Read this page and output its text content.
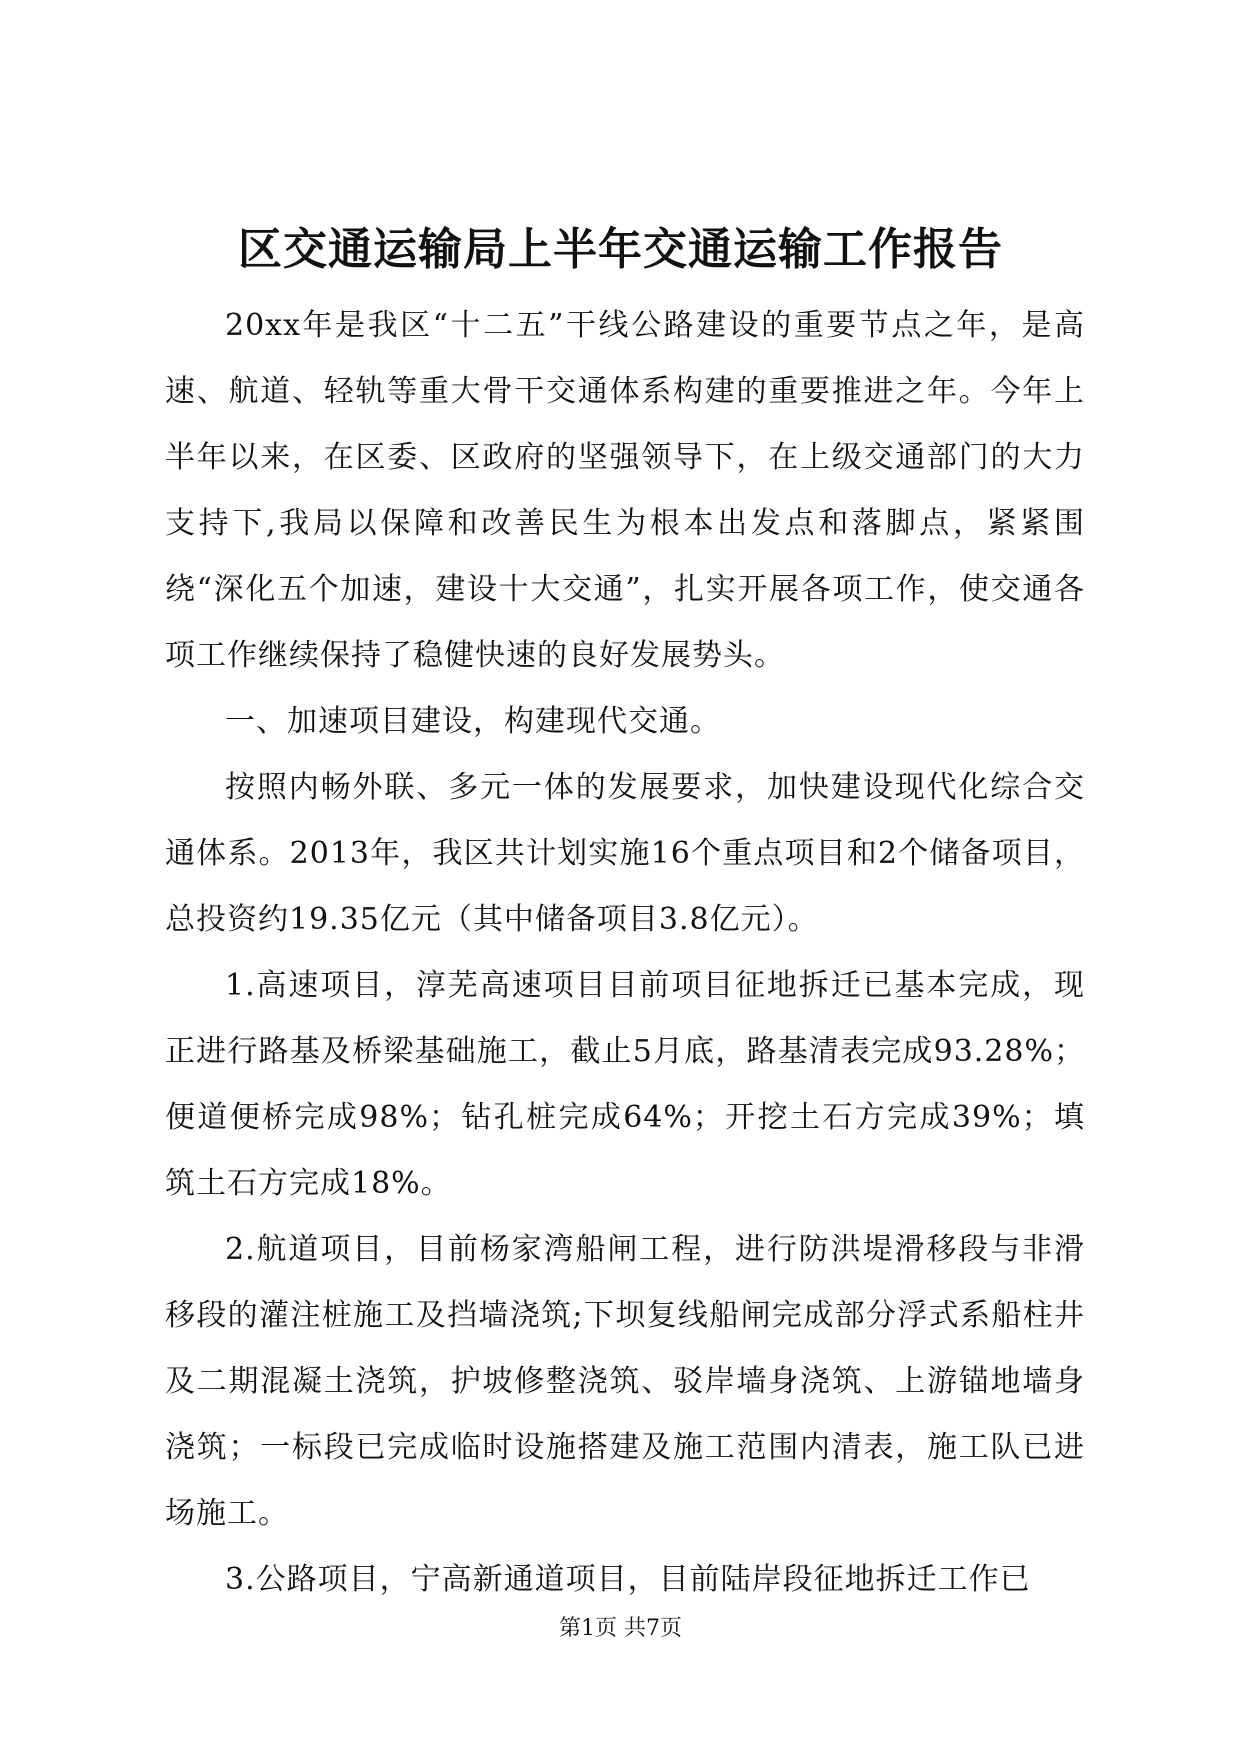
区交通运输局上半年交通运输工作报告

20xx年是我区“十二五”干线公路建设的重要节点之年，是高速、航道、轻轨等重大骨干交通体系构建的重要推进之年。今年上半年以来，在区委、区政府的坚强领导下，在上级交通部门的大力支持下,我局以保障和改善民生为根本出发点和落脚点，紧紧围绕“深化五个加速，建设十大交通”，扎实开展各项工作，使交通各项工作继续保持了稳健快速的良好发展势头。

一、加速项目建设，构建现代交通。

按照内畅外联、多元一体的发展要求，加快建设现代化综合交通体系。2013年，我区共计划实施16个重点项目和2个储备项目，总投资约19.35亿元（其中储备项目3.8亿元）。

1.高速项目，淳芜高速项目目前项目征地拆迁已基本完成，现正进行路基及桥梁基础施工，截止5月底，路基清表完成93.28%；便道便桥完成98%；钻孔桩完成64%；开挖土石方完成39%；填筑土石方完成18%。

2.航道项目，目前杨家湾船闸工程，进行防洪堤滑移段与非滑移段的灌注桩施工及挡墙浇筑;下坝复线船闸完成部分浮式系船柱井及二期混凝土浇筑，护坡修整浇筑、驳岸墙身浇筑、上游锚地墙身浇筑；一标段已完成临时设施搭建及施工范围内清表，施工队已进场施工。

3.公路项目，宁高新通道项目，目前陆岸段征地拆迁工作已

第1页 共7页
